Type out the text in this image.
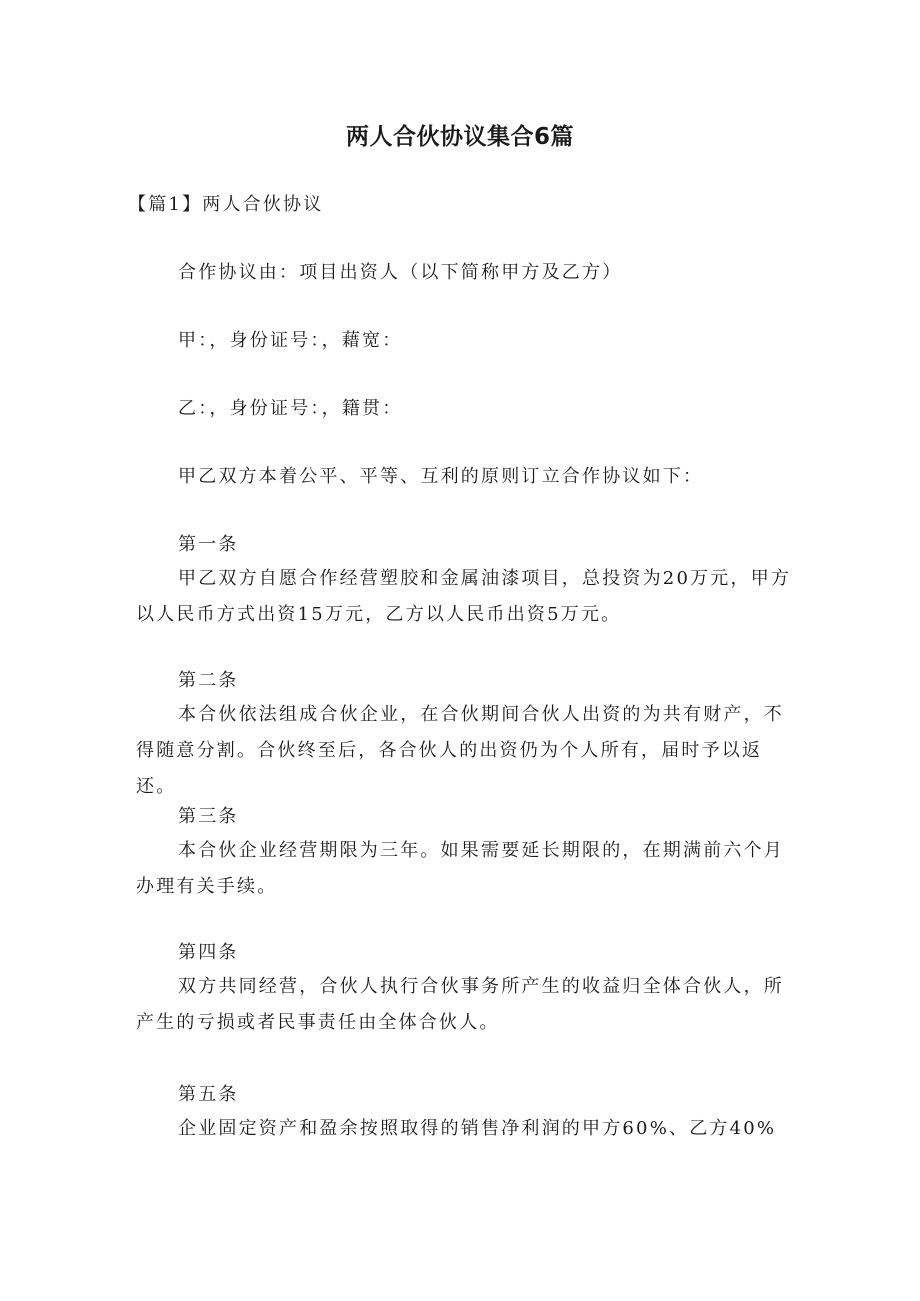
两人合伙协议集合6篇

【篇1】两人合伙协议

合作协议由：项目出资人（以下简称甲方及乙方）

甲：，身份证号：，藉宽：

乙：，身份证号：，籍贯：

甲乙双方本着公平、平等、互利的原则订立合作协议如下：

第一条

甲乙双方自愿合作经营塑胶和金属油漆项目，总投资为20万元，甲方以人民币方式出资15万元，乙方以人民币出资5万元。

第二条

本合伙依法组成合伙企业，在合伙期间合伙人出资的为共有财产，不得随意分割。合伙终至后，各合伙人的出资仍为个人所有，届时予以返还。

第三条

本合伙企业经营期限为三年。如果需要延长期限的，在期满前六个月办理有关手续。

第四条

双方共同经营，合伙人执行合伙事务所产生的收益归全体合伙人，所产生的亏损或者民事责任由全体合伙人。

第五条

企业固定资产和盈余按照取得的销售净利润的甲方60%、乙方40%
